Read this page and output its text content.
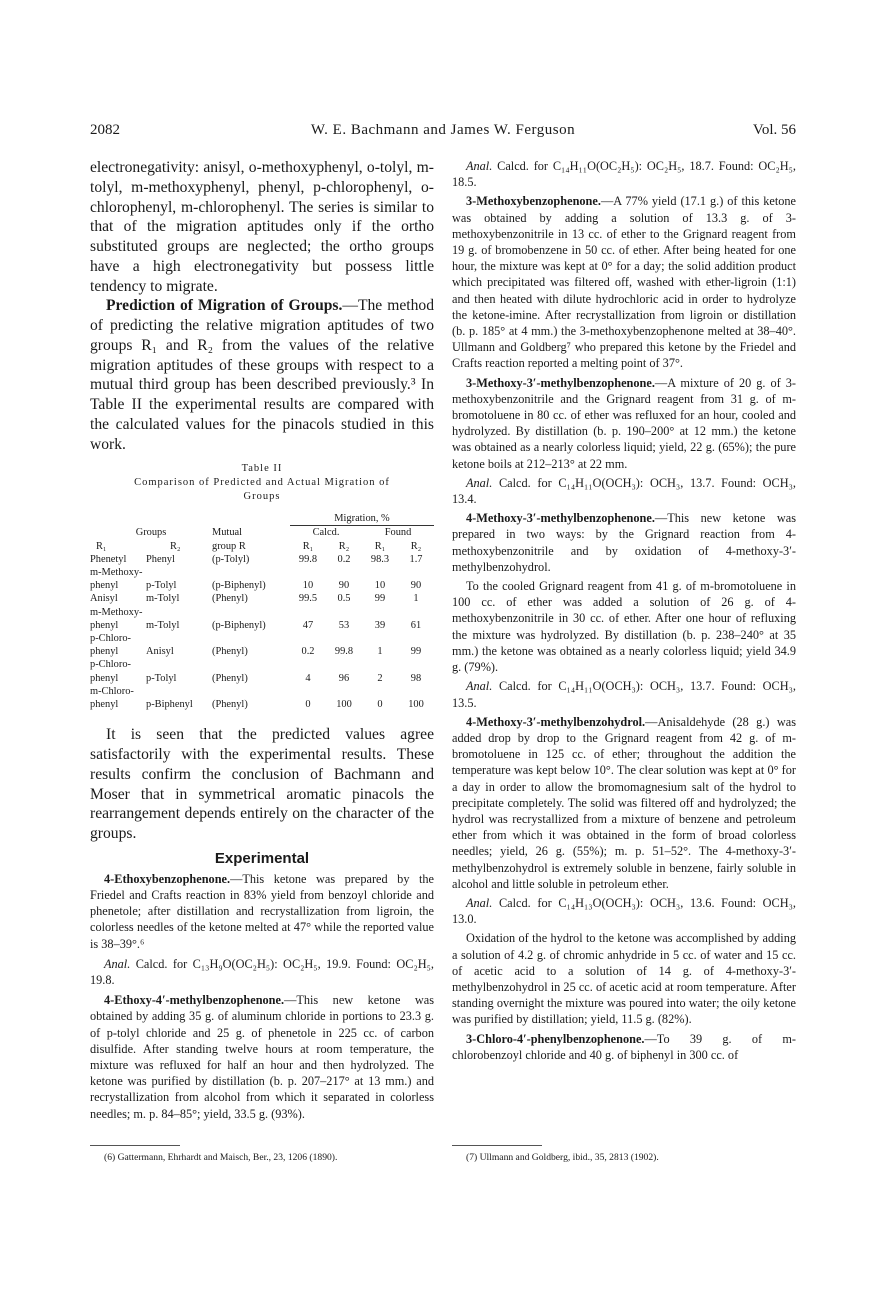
2082	W. E. Bachmann and James W. Ferguson	Vol. 56

electronegativity: anisyl, o-methoxyphenyl, o-tolyl, m-tolyl, m-methoxyphenyl, phenyl, p-chlorophenyl, o-chlorophenyl, m-chlorophenyl. The series is similar to that of the migration aptitudes only if the ortho substituted groups are neglected; the ortho groups have a high electronegativity but possess little tendency to migrate.

Prediction of Migration of Groups.—The method of predicting the relative migration aptitudes of two groups R₁ and R₂ from the values of the relative migration aptitudes of these groups with respect to a mutual third group has been described previously.³ In Table II the experimental results are compared with the calculated values for the pinacols studied in this work.

Table II

Comparison of Predicted and Actual Migration of

Groups

			Migration, %			
Groups		Mutual	Calcd.		Found	
R₁	R₂	group R	R₁	R₂	R₁	R₂
Phenetyl	Phenyl	(p-Tolyl)	99.8	0.2	98.3	1.7
m-Methoxy-						
phenyl	p-Tolyl	(p-Biphenyl)	10	90	10	90
Anisyl	m-Tolyl	(Phenyl)	99.5	0.5	99	1
m-Methoxy-						
phenyl	m-Tolyl	(p-Biphenyl)	47	53	39	61
p-Chloro-						
phenyl	Anisyl	(Phenyl)	0.2	99.8	1	99
p-Chloro-						
phenyl	p-Tolyl	(Phenyl)	4	96	2	98
m-Chloro-						
phenyl	p-Biphenyl	(Phenyl)	0	100	0	100

It is seen that the predicted values agree satisfactorily with the experimental results. These results confirm the conclusion of Bachmann and Moser that in symmetrical aromatic pinacols the rearrangement depends entirely on the character of the groups.

Experimental

4-Ethoxybenzophenone.—This ketone was prepared by the Friedel and Crafts reaction in 83% yield from benzoyl chloride and phenetole; after distillation and recrystallization from ligroin, the colorless needles of the ketone melted at 47° while the reported value is 38–39°.⁶

Anal. Calcd. for C₁₃H₉O(OC₂H₅): OC₂H₅, 19.9. Found: OC₂H₅, 19.8.

4-Ethoxy-4′-methylbenzophenone.—This new ketone was obtained by adding 35 g. of aluminum chloride in portions to 23.3 g. of p-tolyl chloride and 25 g. of phenetole in 225 cc. of carbon disulfide. After standing twelve hours at room temperature, the mixture was refluxed for half an hour and then hydrolyzed. The ketone was purified by distillation (b. p. 207–217° at 13 mm.) and recrystallization from alcohol from which it separated in colorless needles; m. p. 84–85°; yield, 33.5 g. (93%).

Anal. Calcd. for C₁₄H₁₁O(OC₂H₅): OC₂H₅, 18.7. Found: OC₂H₅, 18.5.

3-Methoxybenzophenone.—A 77% yield (17.1 g.) of this ketone was obtained by adding a solution of 13.3 g. of 3-methoxybenzonitrile in 13 cc. of ether to the Grignard reagent from 19 g. of bromobenzene in 50 cc. of ether. After being heated for one hour, the mixture was kept at 0° for a day; the solid addition product which precipitated was filtered off, washed with ether-ligroin (1:1) and then heated with dilute hydrochloric acid in order to hydrolyze the ketone-imine. After recrystallization from ligroin or distillation (b. p. 185° at 4 mm.) the 3-methoxybenzophenone melted at 38–40°. Ullmann and Goldberg⁷ who prepared this ketone by the Friedel and Crafts reaction reported a melting point of 37°.

3-Methoxy-3′-methylbenzophenone.—A mixture of 20 g. of 3-methoxybenzonitrile and the Grignard reagent from 31 g. of m-bromotoluene in 80 cc. of ether was refluxed for an hour, cooled and hydrolyzed. By distillation (b. p. 190–200° at 12 mm.) the ketone was obtained as a nearly colorless liquid; yield, 22 g. (65%); the pure ketone boils at 212–213° at 22 mm.

Anal. Calcd. for C₁₄H₁₁O(OCH₃): OCH₃, 13.7. Found: OCH₃, 13.4.

4-Methoxy-3′-methylbenzophenone.—This new ketone was prepared in two ways: by the Grignard reaction from 4-methoxybenzonitrile and by oxidation of 4-methoxy-3′-methylbenzohydrol.

To the cooled Grignard reagent from 41 g. of m-bromotoluene in 100 cc. of ether was added a solution of 26 g. of 4-methoxybenzonitrile in 30 cc. of ether. After one hour of refluxing the mixture was hydrolyzed. By distillation (b. p. 238–240° at 35 mm.) the ketone was obtained as a nearly colorless liquid; yield 34.9 g. (79%).

Anal. Calcd. for C₁₄H₁₁O(OCH₃): OCH₃, 13.7. Found: OCH₃, 13.5.

4-Methoxy-3′-methylbenzohydrol.—Anisaldehyde (28 g.) was added drop by drop to the Grignard reagent from 42 g. of m-bromotoluene in 125 cc. of ether; throughout the addition the temperature was kept below 10°. The clear solution was kept at 0° for a day in order to allow the bromomagnesium salt of the hydrol to precipitate completely. The solid was filtered off and hydrolyzed; the hydrol was recrystallized from a mixture of benzene and petroleum ether from which it was obtained in the form of broad colorless needles; yield, 26 g. (55%); m. p. 51–52°. The 4-methoxy-3′-methylbenzohydrol is extremely soluble in benzene, fairly soluble in alcohol and little soluble in petroleum ether.

Anal. Calcd. for C₁₄H₁₃O(OCH₃): OCH₃, 13.6. Found: OCH₃, 13.0.

Oxidation of the hydrol to the ketone was accomplished by adding a solution of 4.2 g. of chromic anhydride in 5 cc. of water and 15 cc. of acetic acid to a solution of 14 g. of 4-methoxy-3′-methylbenzohydrol in 25 cc. of acetic acid at room temperature. After standing overnight the mixture was poured into water; the oily ketone was purified by distillation; yield, 11.5 g. (82%).

3-Chloro-4′-phenylbenzophenone.—To 39 g. of m-chlorobenzoyl chloride and 40 g. of biphenyl in 300 cc. of

(6) Gattermann, Ehrhardt and Maisch, Ber., 23, 1206 (1890).	(7) Ullmann and Goldberg, ibid., 35, 2813 (1902).
